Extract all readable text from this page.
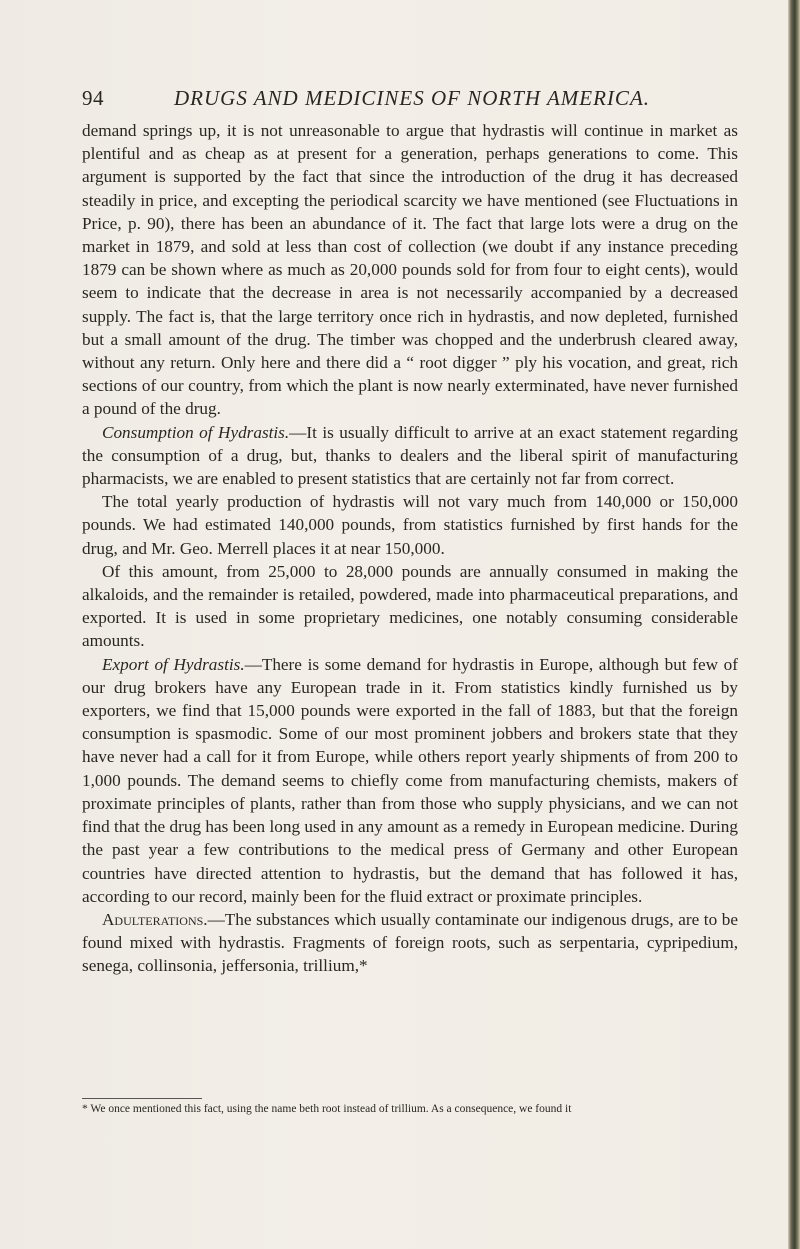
94	DRUGS AND MEDICINES OF NORTH AMERICA.

demand springs up, it is not unreasonable to argue that hydrastis will continue in market as plentiful and as cheap as at present for a generation, perhaps generations to come. This argument is supported by the fact that since the introduction of the drug it has decreased steadily in price, and excepting the periodical scarcity we have mentioned (see Fluctuations in Price, p. 90), there has been an abundance of it. The fact that large lots were a drug on the market in 1879, and sold at less than cost of collection (we doubt if any instance preceding 1879 can be shown where as much as 20,000 pounds sold for from four to eight cents), would seem to indicate that the decrease in area is not necessarily accompanied by a decreased supply. The fact is, that the large territory once rich in hydrastis, and now depleted, furnished but a small amount of the drug. The timber was chopped and the underbrush cleared away, without any return. Only here and there did a “ root digger ” ply his vocation, and great, rich sections of our country, from which the plant is now nearly exterminated, have never furnished a pound of the drug.

Consumption of Hydrastis.—It is usually difficult to arrive at an exact statement regarding the consumption of a drug, but, thanks to dealers and the liberal spirit of manufacturing pharmacists, we are enabled to present statistics that are certainly not far from correct.

The total yearly production of hydrastis will not vary much from 140,000 or 150,000 pounds. We had estimated 140,000 pounds, from statistics furnished by first hands for the drug, and Mr. Geo. Merrell places it at near 150,000.

Of this amount, from 25,000 to 28,000 pounds are annually consumed in making the alkaloids, and the remainder is retailed, powdered, made into pharmaceutical preparations, and exported. It is used in some proprietary medicines, one notably consuming considerable amounts.

Export of Hydrastis.—There is some demand for hydrastis in Europe, although but few of our drug brokers have any European trade in it. From statistics kindly furnished us by exporters, we find that 15,000 pounds were exported in the fall of 1883, but that the foreign consumption is spasmodic. Some of our most prominent jobbers and brokers state that they have never had a call for it from Europe, while others report yearly shipments of from 200 to 1,000 pounds. The demand seems to chiefly come from manufacturing chemists, makers of proximate principles of plants, rather than from those who supply physicians, and we can not find that the drug has been long used in any amount as a remedy in European medicine. During the past year a few contributions to the medical press of Germany and other European countries have directed attention to hydrastis, but the demand that has followed it has, according to our record, mainly been for the fluid extract or proximate principles.

Adulterations.—The substances which usually contaminate our indigenous drugs, are to be found mixed with hydrastis. Fragments of foreign roots, such as serpentaria, cypripedium, senega, collinsonia, jeffersonia, trillium,*

* We once mentioned this fact, using the name beth root instead of trillium. As a consequence, we found it
